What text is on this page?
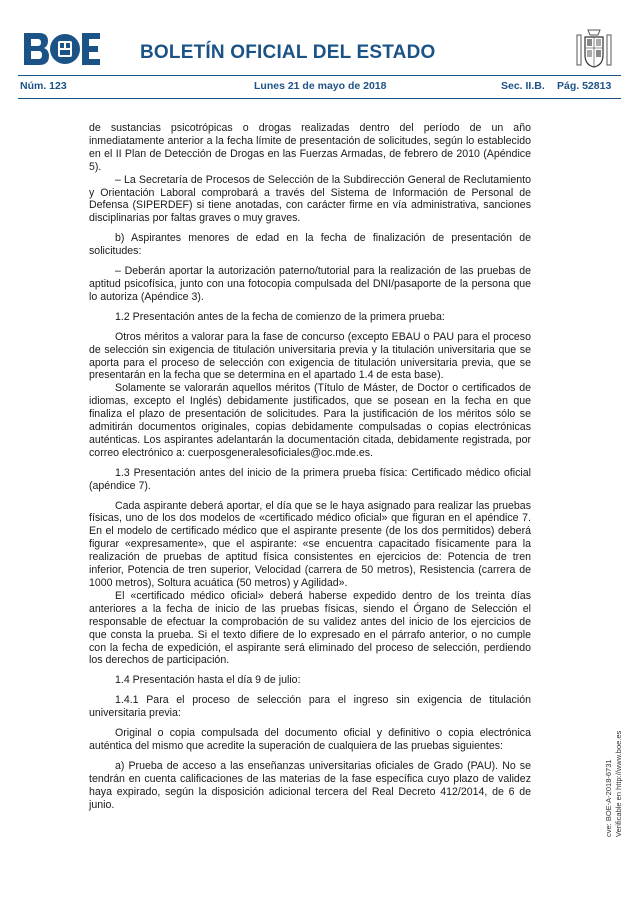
BOLETÍN OFICIAL DEL ESTADO
Núm. 123	Lunes 21 de mayo de 2018	Sec. II.B. Pág. 52813
cve: BOE-A-2018-6731 Verificable en http://www.boe.es

de sustancias psicotrópicas o drogas realizadas dentro del período de un año inmediatamente anterior a la fecha límite de presentación de solicitudes, según lo establecido en el II Plan de Detección de Drogas en las Fuerzas Armadas, de febrero de 2010 (Apéndice 5).

– La Secretaría de Procesos de Selección de la Subdirección General de Reclutamiento y Orientación Laboral comprobará a través del Sistema de Información de Personal de Defensa (SIPERDEF) si tiene anotadas, con carácter firme en vía administrativa, sanciones disciplinarias por faltas graves o muy graves.

b) Aspirantes menores de edad en la fecha de finalización de presentación de solicitudes:

– Deberán aportar la autorización paterno/tutorial para la realización de las pruebas de aptitud psicofísica, junto con una fotocopia compulsada del DNI/pasaporte de la persona que lo autoriza (Apéndice 3).

1.2 Presentación antes de la fecha de comienzo de la primera prueba:

Otros méritos a valorar para la fase de concurso (excepto EBAU o PAU para el proceso de selección sin exigencia de titulación universitaria previa y la titulación universitaria que se aporta para el proceso de selección con exigencia de titulación universitaria previa, que se presentarán en la fecha que se determina en el apartado 1.4 de esta base).

Solamente se valorarán aquellos méritos (Título de Máster, de Doctor o certificados de idiomas, excepto el Inglés) debidamente justificados, que se posean en la fecha en que finaliza el plazo de presentación de solicitudes. Para la justificación de los méritos sólo se admitirán documentos originales, copias debidamente compulsadas o copias electrónicas auténticas. Los aspirantes adelantarán la documentación citada, debidamente registrada, por correo electrónico a: cuerposgeneralesoficiales@oc.mde.es.

1.3 Presentación antes del inicio de la primera prueba física: Certificado médico oficial (apéndice 7).

Cada aspirante deberá aportar, el día que se le haya asignado para realizar las pruebas físicas, uno de los dos modelos de «certificado médico oficial» que figuran en el apéndice 7. En el modelo de certificado médico que el aspirante presente (de los dos permitidos) deberá figurar «expresamente», que el aspirante: «se encuentra capacitado físicamente para la realización de pruebas de aptitud física consistentes en ejercicios de: Potencia de tren inferior, Potencia de tren superior, Velocidad (carrera de 50 metros), Resistencia (carrera de 1000 metros), Soltura acuática (50 metros) y Agilidad».

El «certificado médico oficial» deberá haberse expedido dentro de los treinta días anteriores a la fecha de inicio de las pruebas físicas, siendo el Órgano de Selección el responsable de efectuar la comprobación de su validez antes del inicio de los ejercicios de que consta la prueba. Si el texto difiere de lo expresado en el párrafo anterior, o no cumple con la fecha de expedición, el aspirante será eliminado del proceso de selección, perdiendo los derechos de participación.

1.4 Presentación hasta el día 9 de julio:

1.4.1 Para el proceso de selección para el ingreso sin exigencia de titulación universitaria previa:

Original o copia compulsada del documento oficial y definitivo o copia electrónica auténtica del mismo que acredite la superación de cualquiera de las pruebas siguientes:

a) Prueba de acceso a las enseñanzas universitarias oficiales de Grado (PAU). No se tendrán en cuenta calificaciones de las materias de la fase específica cuyo plazo de validez haya expirado, según la disposición adicional tercera del Real Decreto 412/2014, de 6 de junio.
